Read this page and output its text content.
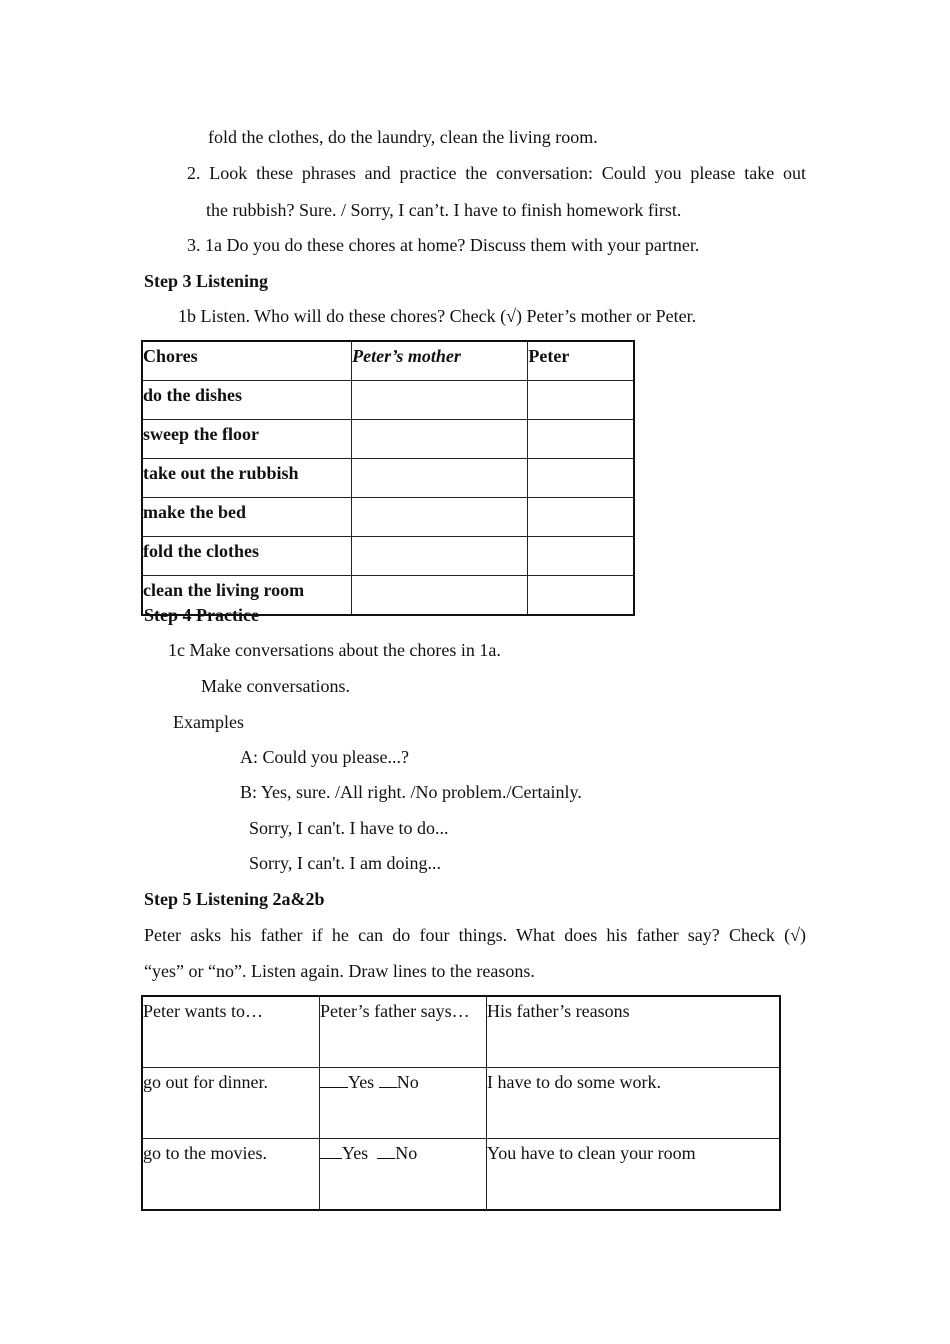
fold the clothes, do the laundry, clean the living room.
2. Look these phrases and practice the conversation: Could you please take out
the rubbish? Sure. / Sorry, I can’t. I have to finish homework first.
3. 1a Do you do these chores at home? Discuss them with your partner.
Step 3 Listening
1b Listen. Who will do these chores? Check (√) Peter’s mother or Peter.
Chores	Peter’s mother	Peter
do the dishes		
sweep the floor		
take out the rubbish		
make the bed		
fold the clothes		
clean the living room		
Step 4 Practice
1c Make conversations about the chores in 1a.
Make conversations.
Examples
A: Could you please...?
B: Yes, sure. /All right. /No problem./Certainly.
Sorry, I can't. I have to do...
Sorry, I can't. I am doing...
Step 5 Listening 2a&2b
Peter asks his father if he can do four things. What does his father say? Check (√)
“yes” or “no”. Listen again. Draw lines to the reasons.
Peter wants to…	Peter’s father says…	His father’s reasons
go out for dinner.	Yes No	I have to do some work.
go to the movies.	Yes No	You have to clean your room
